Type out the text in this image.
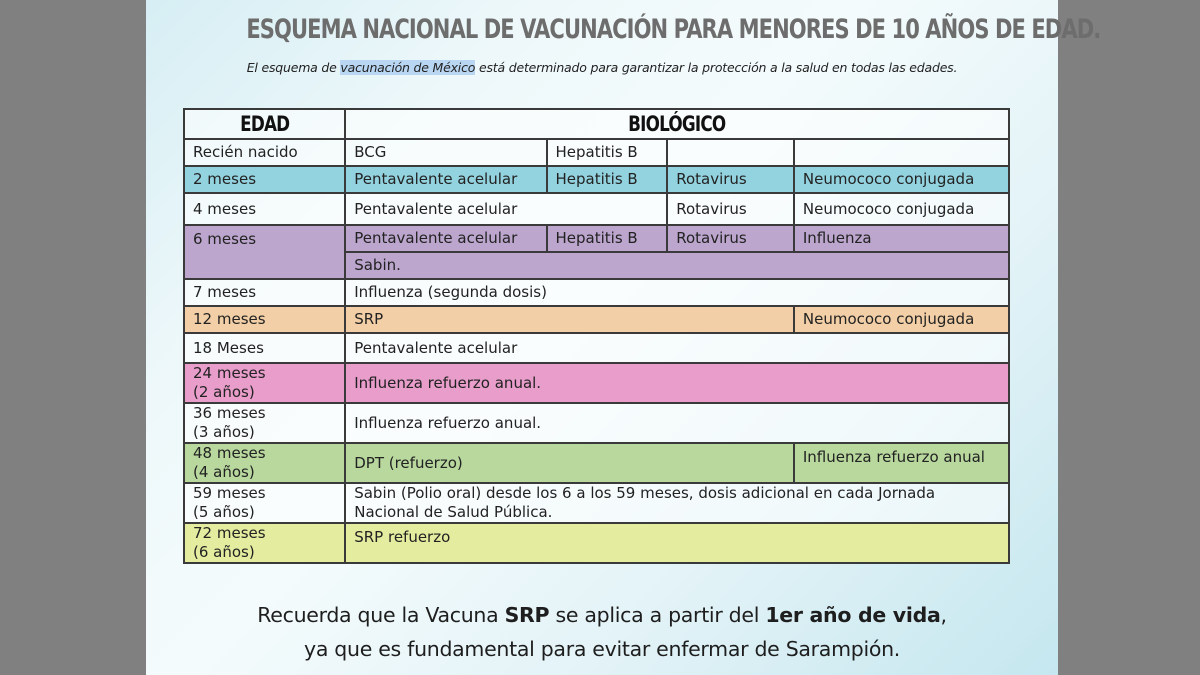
ESQUEMA NACIONAL DE VACUNACIÓN PARA MENORES DE 10 AÑOS DE EDAD.
El esquema de vacunación de México está determinado para garantizar la protección a la salud en todas las edades.
EDAD	BIOLÓGICO			
Recién nacido	BCG	Hepatitis B		
2 meses	Pentavalente acelular	Hepatitis B	Rotavirus	Neumococo conjugada
4 meses	Pentavalente acelular		Rotavirus	Neumococo conjugada
6 meses	Pentavalente acelular	Hepatitis B	Rotavirus	Influenza
	Sabin.			
7 meses	Influenza (segunda dosis)			
12 meses	SRP			Neumococo conjugada
18 Meses	Pentavalente acelular			

24 meses
(2 años)	Influenza refuerzo anual.			

36 meses
(3 años)	Influenza refuerzo anual.			

48 meses
(4 años)	DPT (refuerzo)			Influenza refuerzo anual

59 meses
(5 años)	Sabin (Polio oral) desde los 6 a los 59 meses, dosis adicional en cada Jornada Nacional de Salud Pública.			

72 meses
(6 años)	SRP refuerzo			
Recuerda que la Vacuna SRP se aplica a partir del 1er año de vida,
ya que es fundamental para evitar enfermar de Sarampión.
